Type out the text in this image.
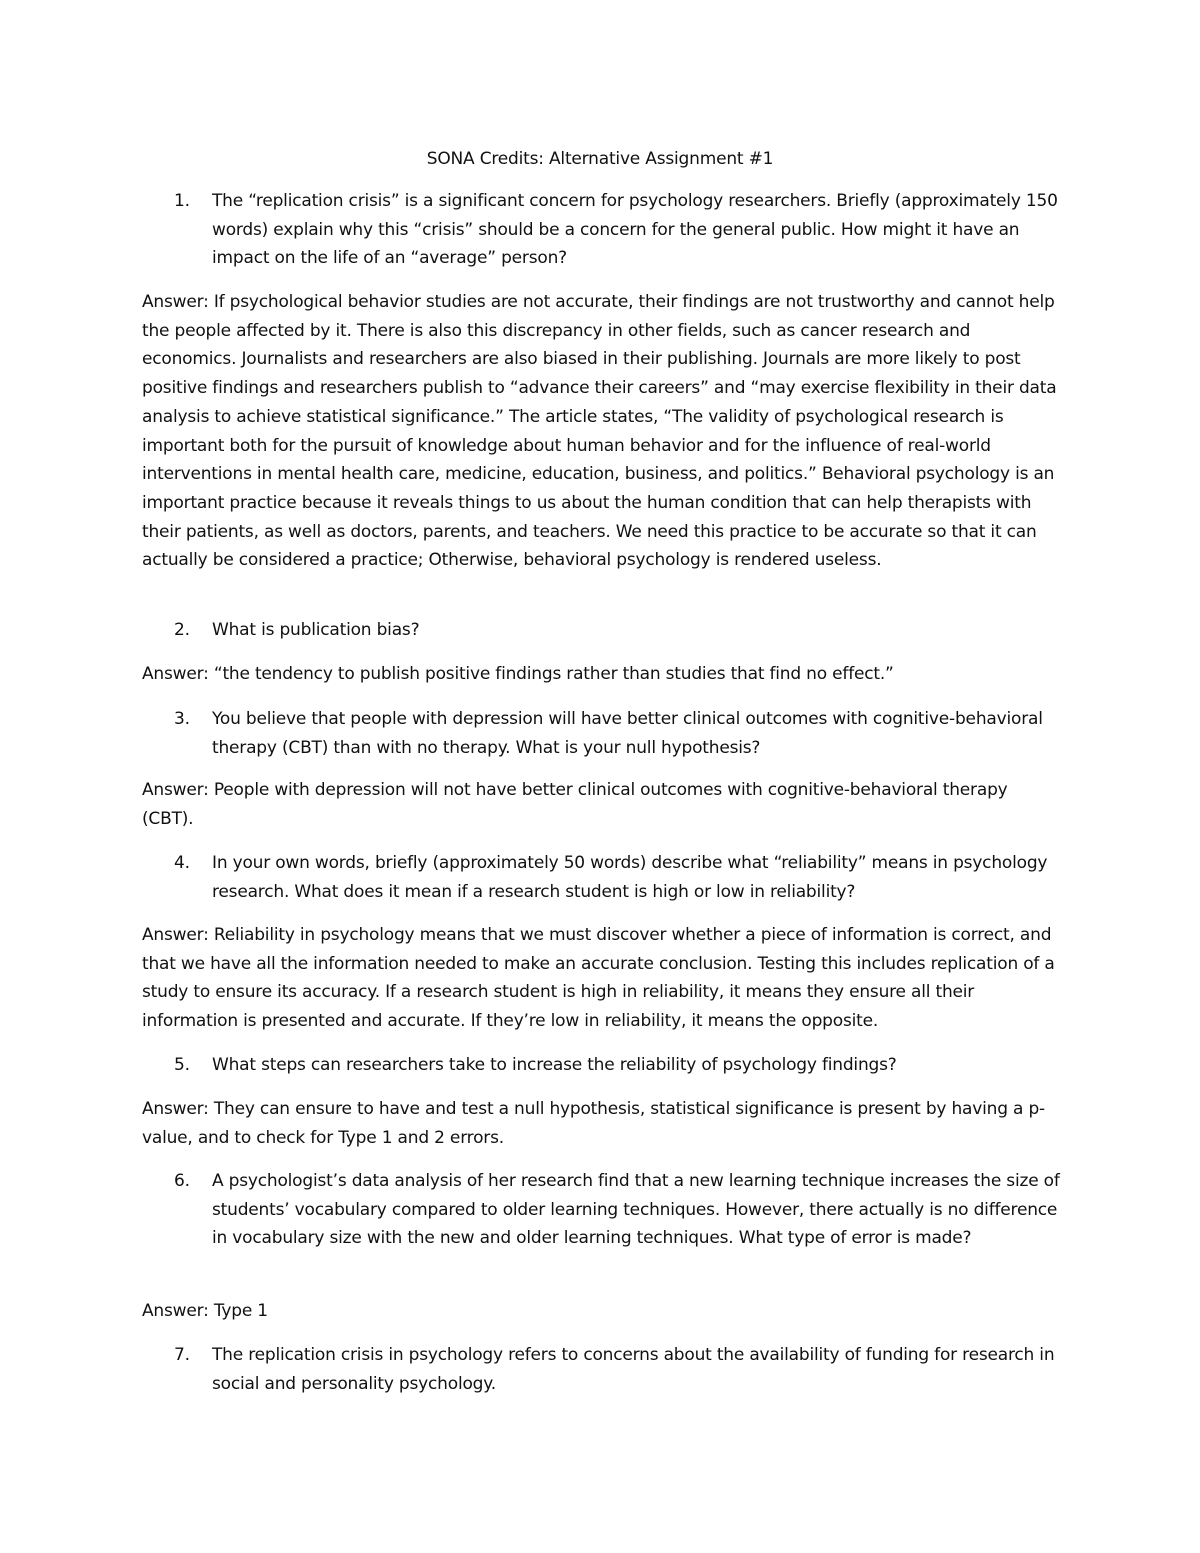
SONA Credits: Alternative Assignment #1

1. The “replication crisis” is a significant concern for psychology researchers. Briefly (approximately 150 words) explain why this “crisis” should be a concern for the general public. How might it have an impact on the life of an “average” person?

Answer: If psychological behavior studies are not accurate, their findings are not trustworthy and cannot help the people affected by it. There is also this discrepancy in other fields, such as cancer research and economics. Journalists and researchers are also biased in their publishing. Journals are more likely to post positive findings and researchers publish to “advance their careers” and “may exercise flexibility in their data analysis to achieve statistical significance.” The article states, “The validity of psychological research is important both for the pursuit of knowledge about human behavior and for the influence of real-world interventions in mental health care, medicine, education, business, and politics.” Behavioral psychology is an important practice because it reveals things to us about the human condition that can help therapists with their patients, as well as doctors, parents, and teachers. We need this practice to be accurate so that it can actually be considered a practice; Otherwise, behavioral psychology is rendered useless.

2. What is publication bias?

Answer: “the tendency to publish positive findings rather than studies that find no effect.”

3. You believe that people with depression will have better clinical outcomes with cognitive-behavioral therapy (CBT) than with no therapy. What is your null hypothesis?

Answer: People with depression will not have better clinical outcomes with cognitive-behavioral therapy (CBT).

4. In your own words, briefly (approximately 50 words) describe what “reliability” means in psychology research. What does it mean if a research student is high or low in reliability?

Answer: Reliability in psychology means that we must discover whether a piece of information is correct, and that we have all the information needed to make an accurate conclusion. Testing this includes replication of a study to ensure its accuracy. If a research student is high in reliability, it means they ensure all their information is presented and accurate. If they’re low in reliability, it means the opposite.

5. What steps can researchers take to increase the reliability of psychology findings?

Answer: They can ensure to have and test a null hypothesis, statistical significance is present by having a p-value, and to check for Type 1 and 2 errors.

6. A psychologist’s data analysis of her research find that a new learning technique increases the size of students’ vocabulary compared to older learning techniques. However, there actually is no difference in vocabulary size with the new and older learning techniques. What type of error is made?

Answer: Type 1

7. The replication crisis in psychology refers to concerns about the availability of funding for research in social and personality psychology.
